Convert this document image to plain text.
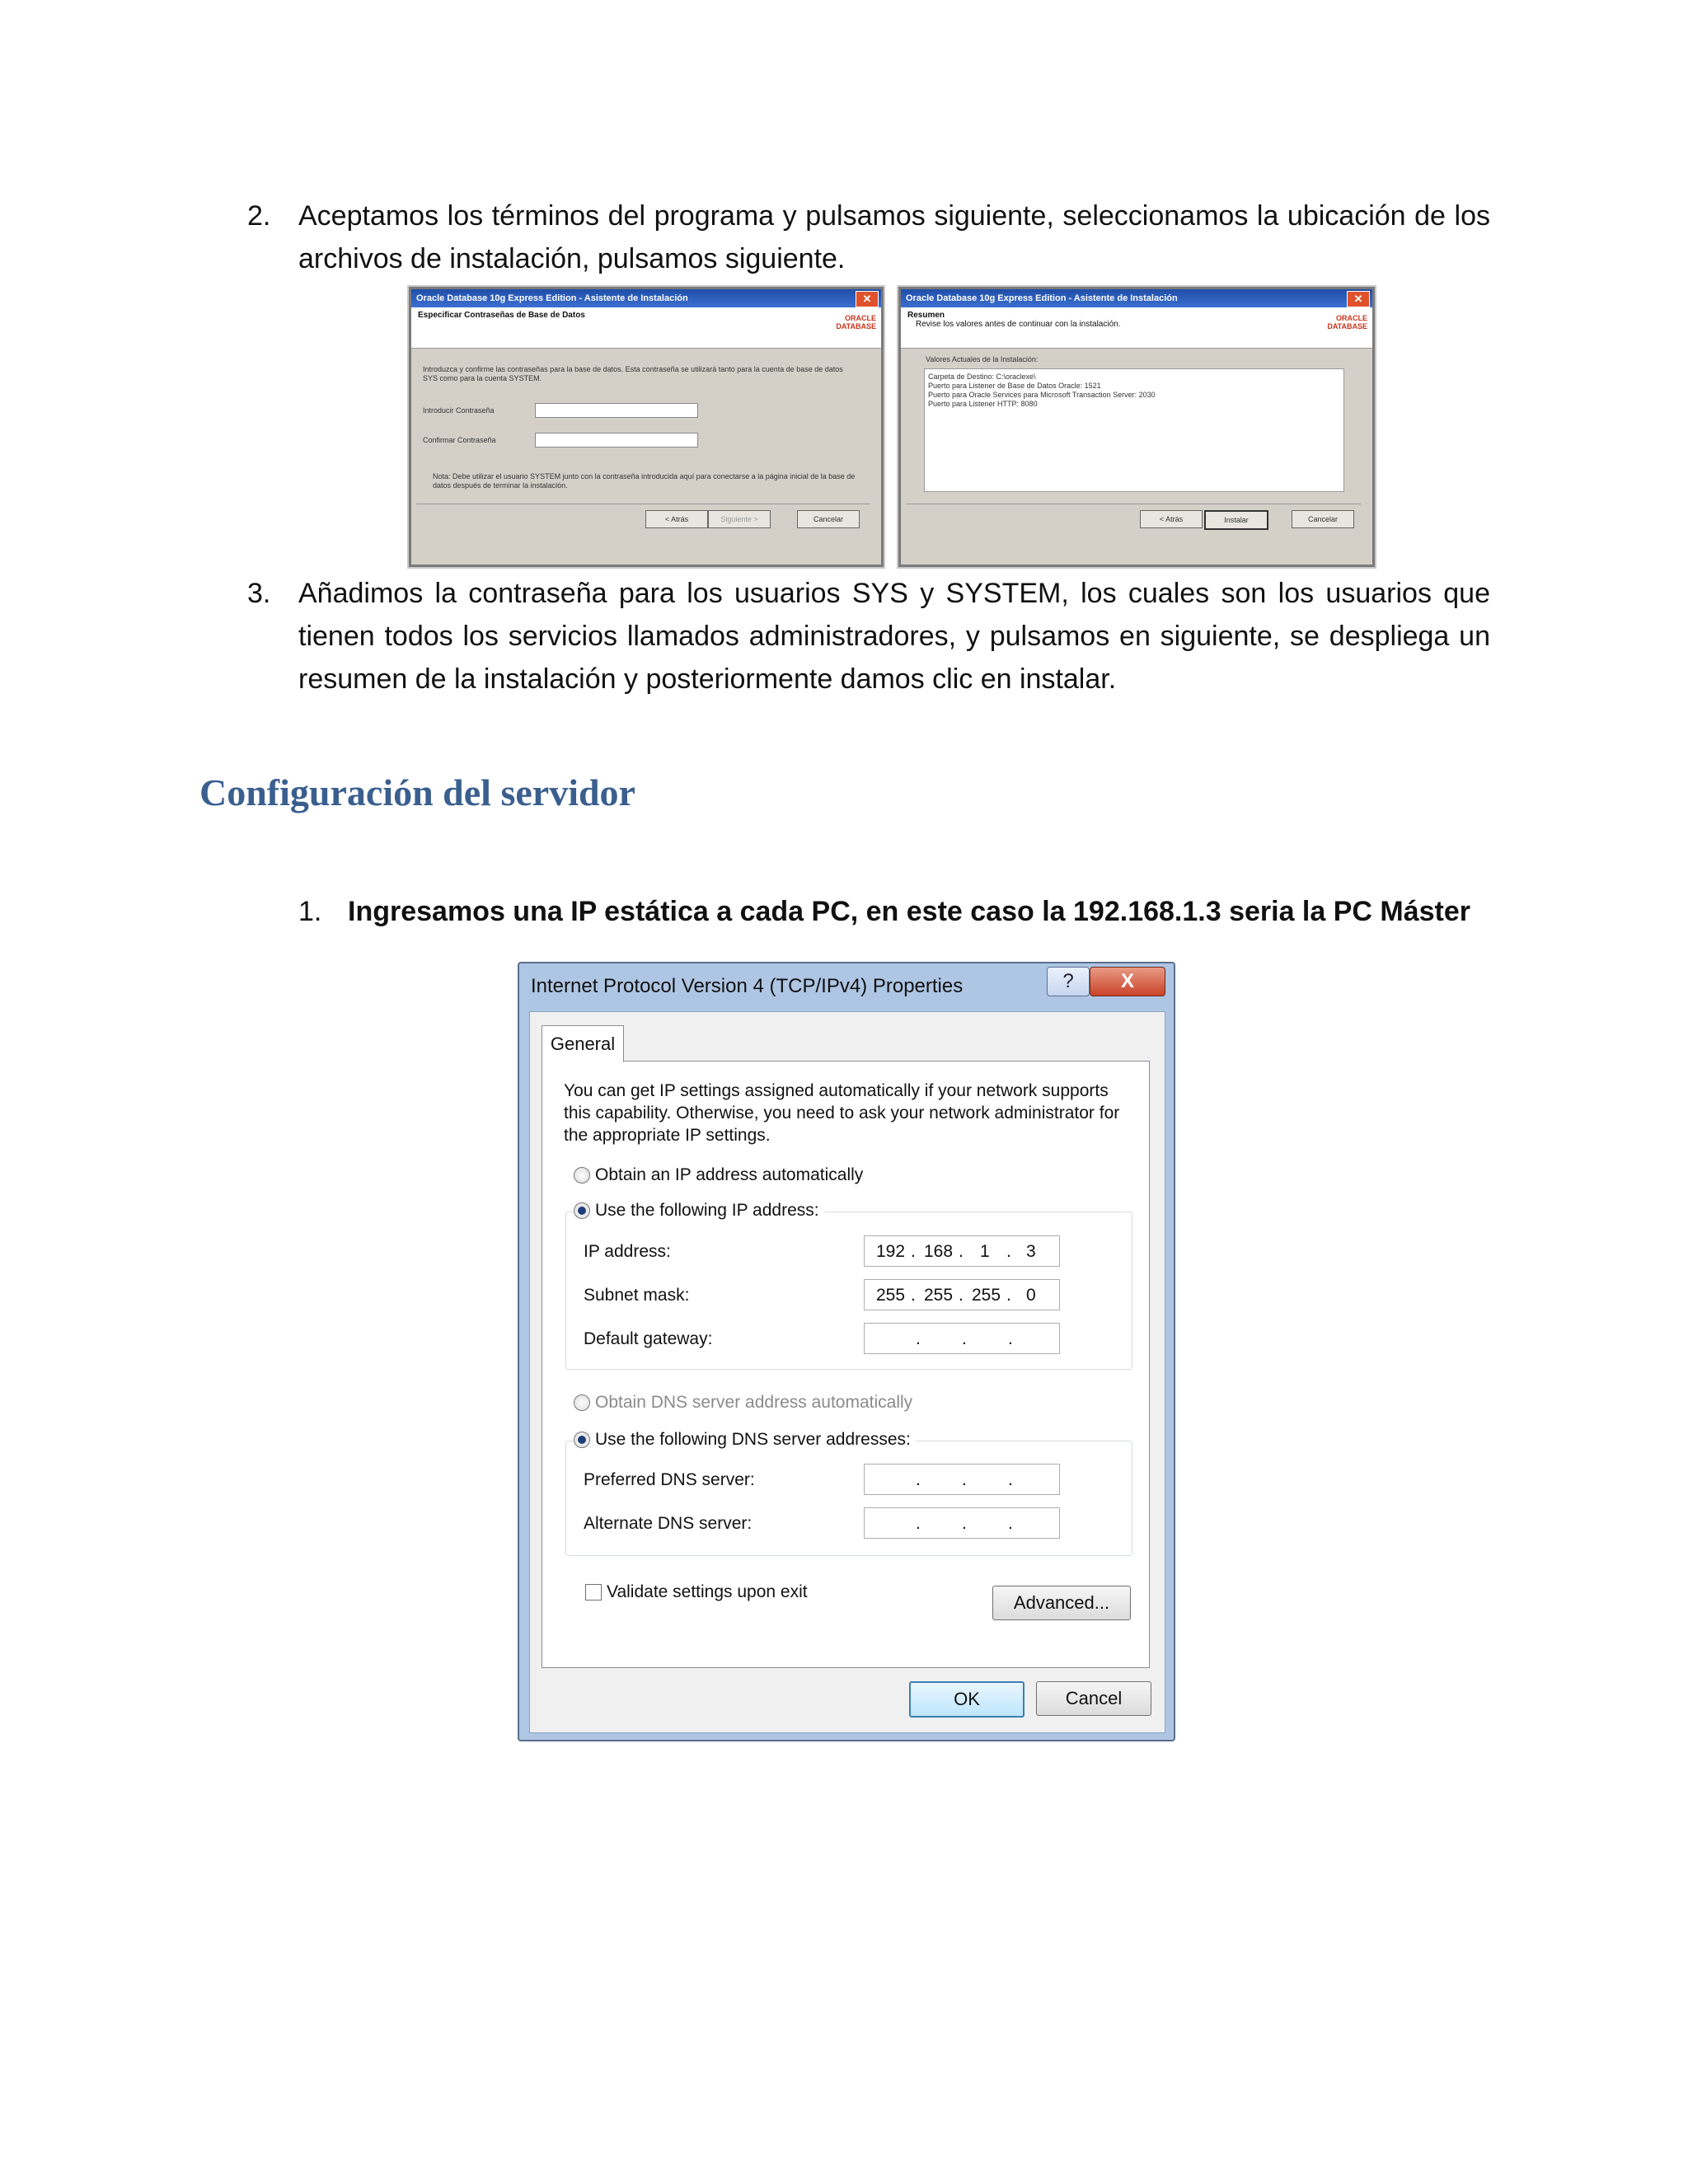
2. Aceptamos los términos del programa y pulsamos siguiente, seleccionamos la ubicación de los
archivos de instalación, pulsamos siguiente.
Oracle Database 10g Express Edition - Asistente de Instalación	✕
Especificar Contraseñas de Base de Datos	ORACLE DATABASE
Introduzca y confirme las contraseñas para la base de datos. Esta contraseña se utilizará tanto para la cuenta de base de datos SYS como para la cuenta SYSTEM.
Introducir Contraseña
Confirmar Contraseña
Nota: Debe utilizar el usuario SYSTEM junto con la contraseña introducida aquí para conectarse a la página inicial de la base de datos después de terminar la instalación.
< Atrás	Siguiente >	Cancelar
Oracle Database 10g Express Edition - Asistente de Instalación	✕
Resumen
Revise los valores antes de continuar con la instalación.
ORACLE DATABASE
Valores Actuales de la Instalación:
Carpeta de Destino: C:\oraclexe\
Puerto para Listener de Base de Datos Oracle: 1521
Puerto para Oracle Services para Microsoft Transaction Server: 2030
Puerto para Listener HTTP: 8080
< Atrás	Instalar	Cancelar
3. Añadimos la contraseña para los usuarios SYS y SYSTEM, los cuales son los usuarios que tienen todos los servicios llamados administradores, y pulsamos en siguiente, se despliega un resumen de la instalación y posteriormente damos clic en instalar.
Configuración del servidor
1. Ingresamos una IP estática a cada PC, en este caso la 192.168.1.3 seria la PC Máster
Internet Protocol Version 4 (TCP/IPv4) Properties	?	X
General
You can get IP settings assigned automatically if your network supports this capability. Otherwise, you need to ask your network administrator for the appropriate IP settings.
Obtain an IP address automatically
Use the following IP address:
IP address:	192 . 168 . 1 . 3
Subnet mask:	255 . 255 . 255 . 0
Default gateway:	. . .
Obtain DNS server address automatically
Use the following DNS server addresses:
Preferred DNS server:	. . .
Alternate DNS server:	. . .
Validate settings upon exit
Advanced...
OK	Cancel
